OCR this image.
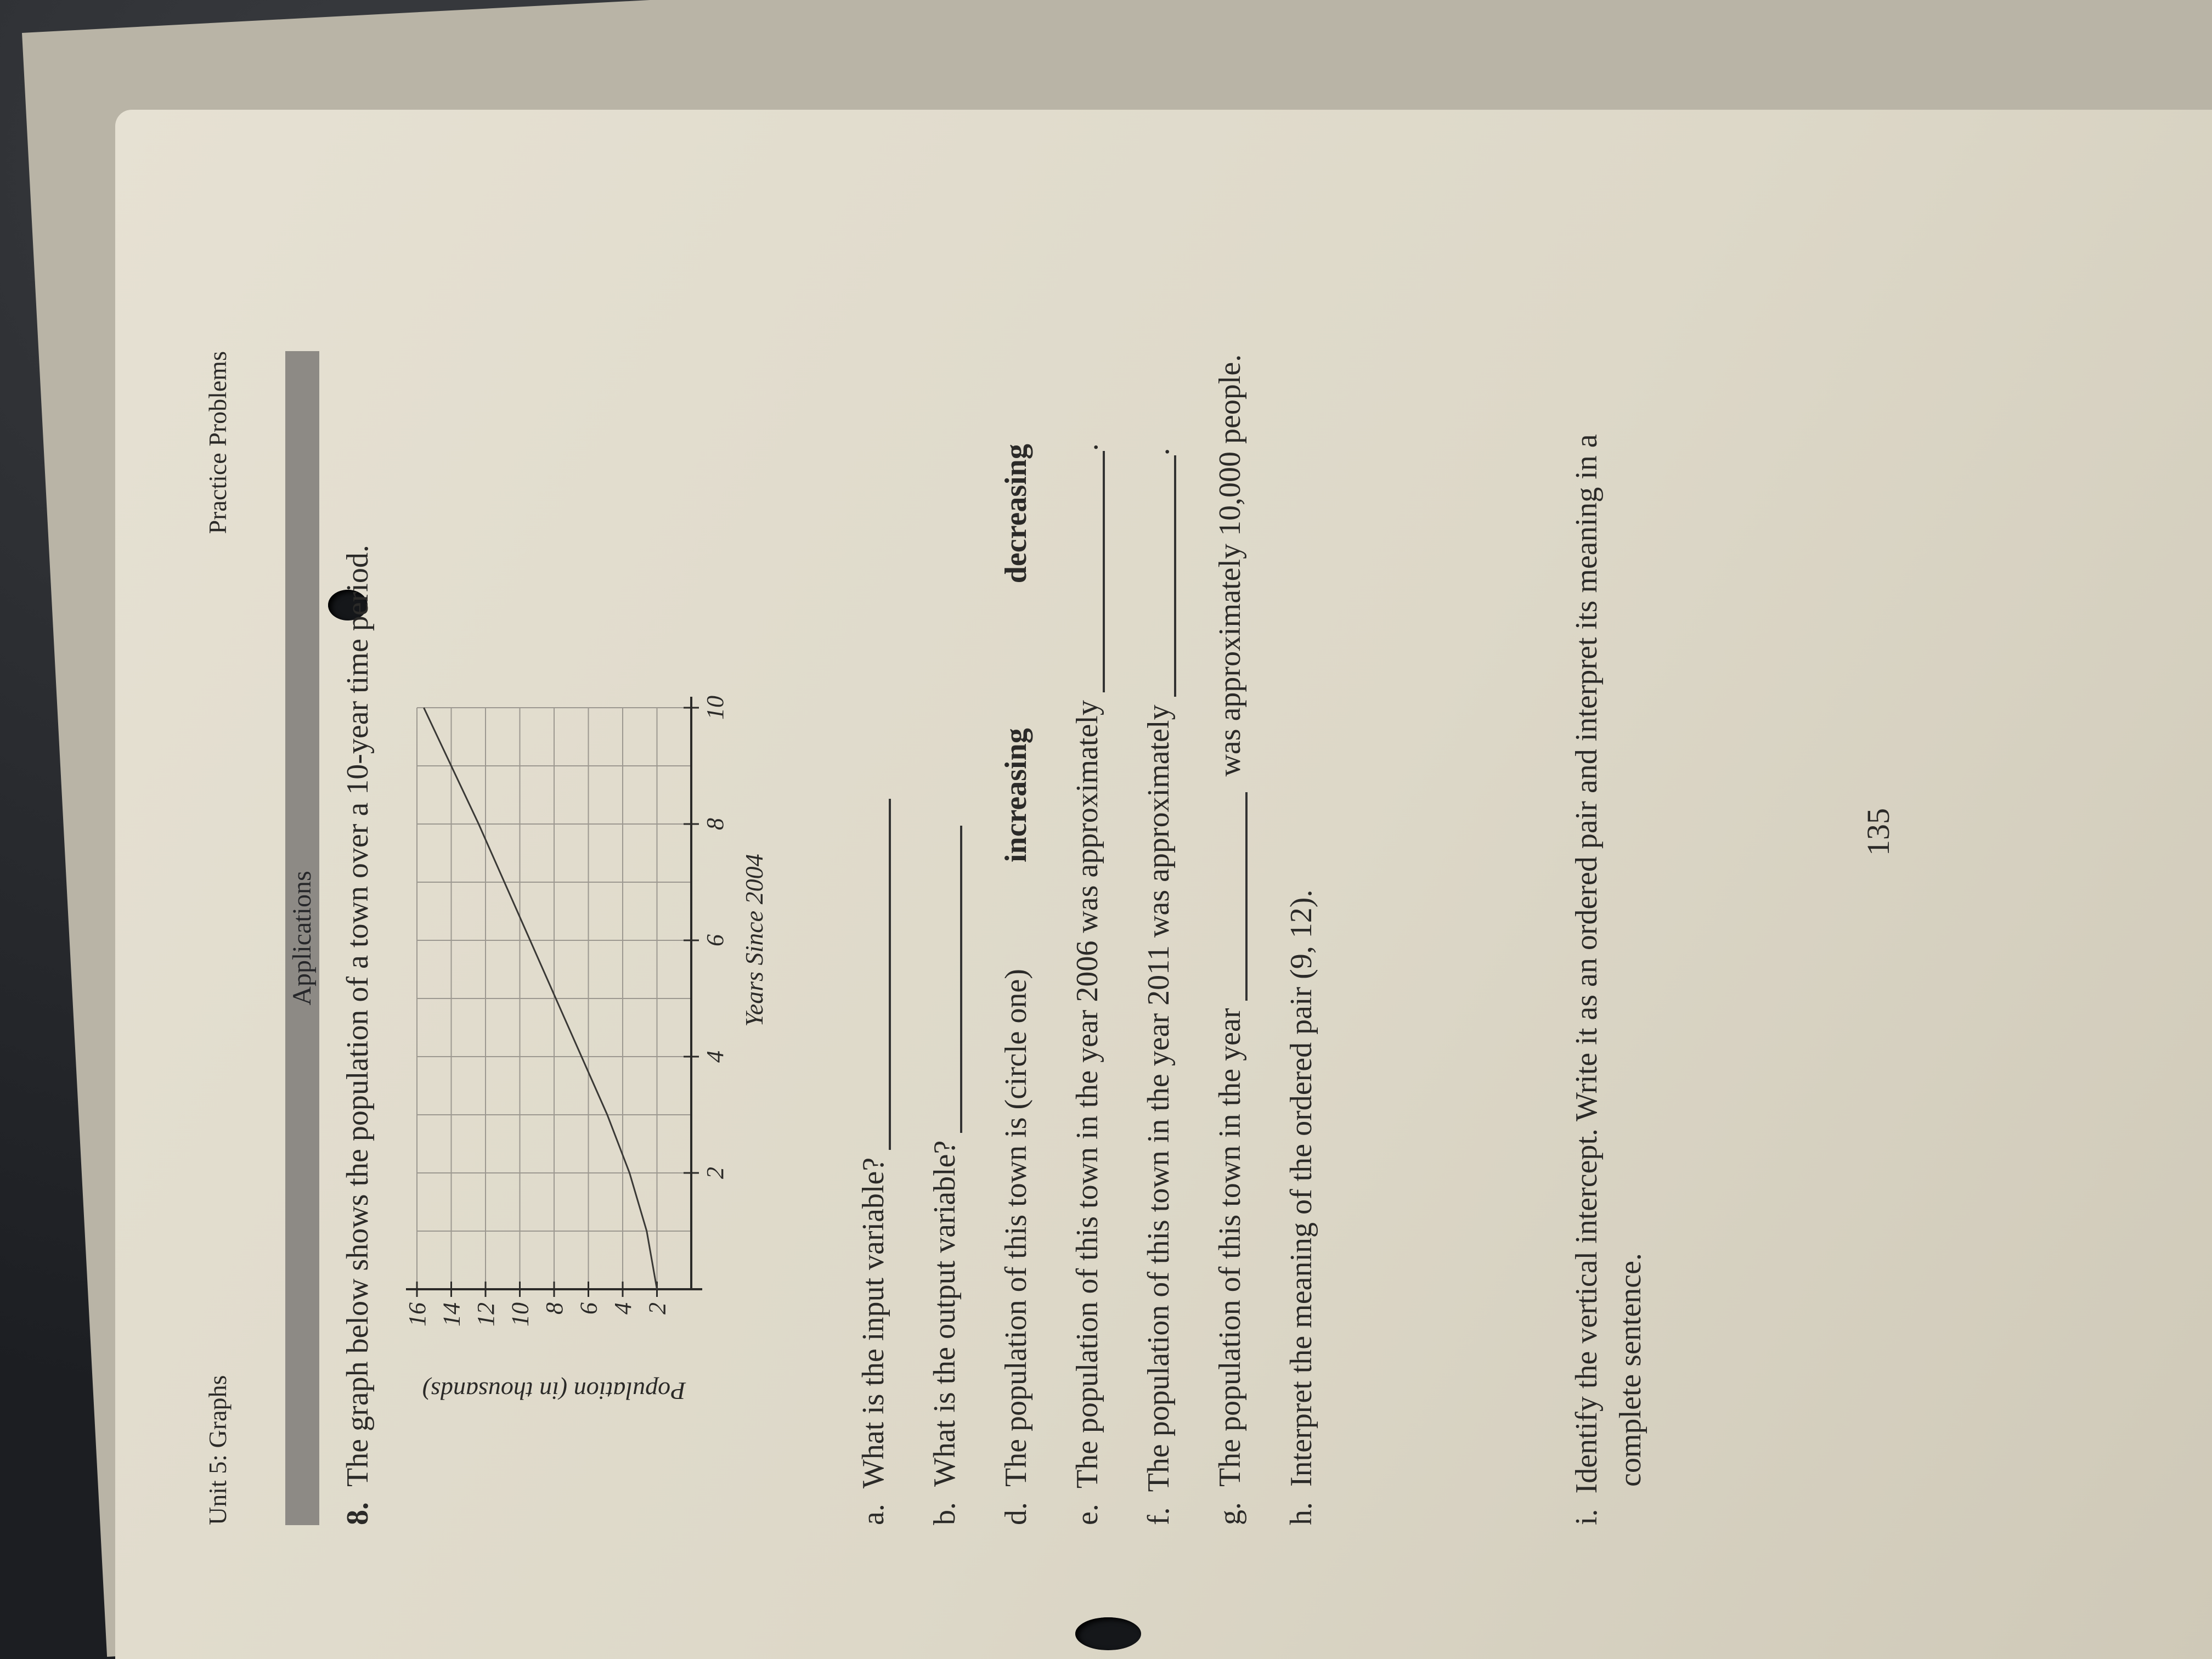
Unit 5: Graphs
Practice Problems
Applications
8.  The graph below shows the population of a town over a 10-year time period.	2
4
6
8
10
12
14
16
2
4
6
8
10
Population (in thousands)
Years Since 2004
a.  What is the input variable?
b.  What is the output variable?
d.  The population of this town is (circle one) increasing decreasing
e.  The population of this town in the year 2006 was approximately .
f.  The population of this town in the year 2011 was approximately .
g.  The population of this town in the year   was approximately 10,000 people.
h.  Interpret the meaning of the ordered pair (9, 12).
i.  Identify the vertical intercept. Write it as an ordered pair and interpret its meaning in a complete sentence.
135
